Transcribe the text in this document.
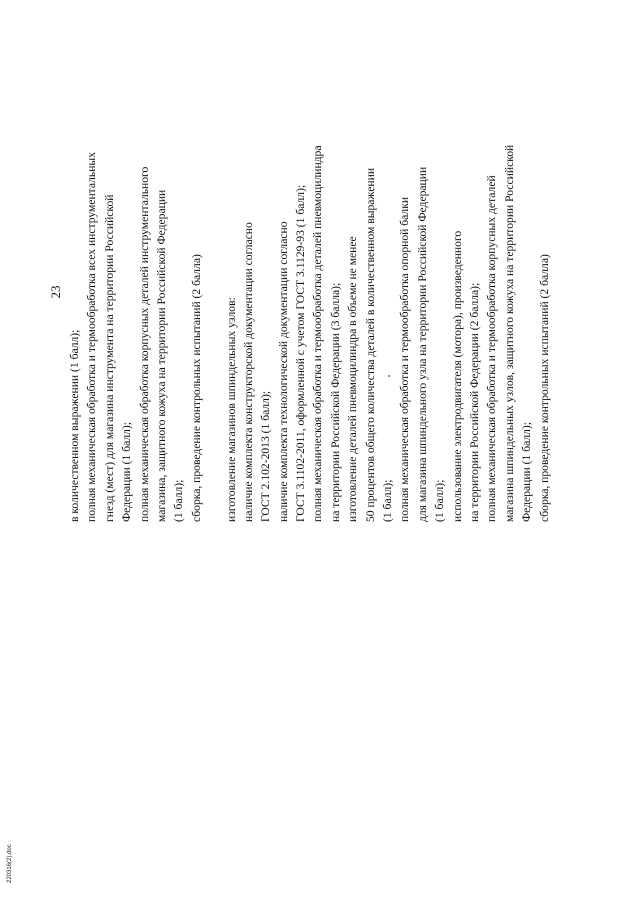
23
в количественном выражении (1 балл); полная механическая обработка и термообработка всех инструментальных гнезд (мест) для магазина инструмента на территории Российской Федерации (1 балл); полная механическая обработка корпусных деталей инструментального магазина, защитного кожуха на территории Российской Федерации (1 балл); сборка, проведение контрольных испытаний (2 балла) изготовление магазинов шпиндельных узлов: наличие комплекта конструкторской документации согласно ГОСТ 2.102-2013 (1 балл); наличие комплекта технологической документации согласно ГОСТ 3.1102-2011, оформленной с учетом ГОСТ 3.1129-93 (1 балл); полная механическая обработка и термообработка деталей пневмоцилиндра на территории Российской Федерации (3 балла); изготовление деталей пневмоцилиндра в объеме не менее 50 процентов общего количества деталей в количественном выражении (1 балл); полная механическая обработка и термообработка опорной балки для магазина шпиндельного узла на территории Российской Федерации (1 балл); использование электродвигателя (мотора), произведенного на территории Российской Федерации (2 балла); полная механическая обработка и термообработка корпусных деталей магазина шпиндельных узлов, защитного кожуха на территории Российской Федерации (1 балл); сборка, проведение контрольных испытаний (2 балла)
220316(2).doc
